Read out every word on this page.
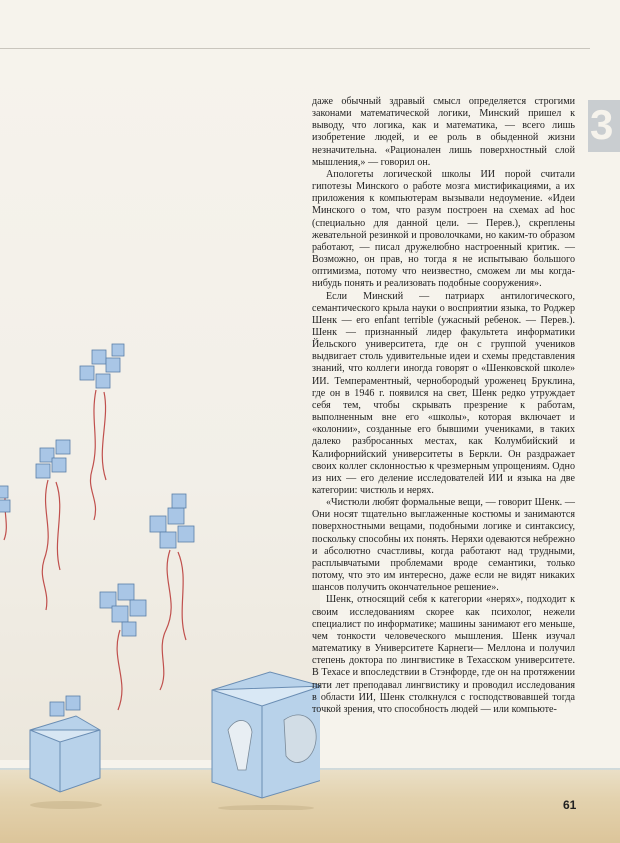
3

даже обычный здравый смысл определяется строгими законами математической логики, Минский пришел к выводу, что логика, как и математика, — всего лишь изобретение людей, и ее роль в обыденной жизни незначительна. «Рационален лишь поверхностный слой мышления,» — говорил он.

Апологеты логической школы ИИ порой считали гипотезы Минского о работе мозга мистификациями, а их приложения к компьютерам вызывали недоумение. «Идеи Минского о том, что разум построен на схемах ad hoc (специально для данной цели. — Перев.), скреплены жевательной резинкой и проволочками, но каким-то образом работают, — писал дружелюбно настроенный критик. — Возможно, он прав, но тогда я не испытываю большого оптимизма, потому что неизвестно, сможем ли мы когда-нибудь понять и реализовать подобные сооружения».

Если Минский — патриарх антилогического, семантического крыла науки о восприятии языка, то Роджер Шенк — его enfant terrible (ужасный ребенок. — Перев.). Шенк — признанный лидер факультета информатики Йельского университета, где он с группой учеников выдвигает столь удивительные идеи и схемы представления знаний, что коллеги иногда говорят о «Шенковской школе» ИИ. Темпераментный, чернобородый уроженец Бруклина, где он в 1946 г. появился на свет, Шенк редко утруждает себя тем, чтобы скрывать презрение к работам, выполненным вне его «школы», которая включает и «колонии», созданные его бывшими учениками, в таких далеко разбросанных местах, как Колумбийский и Калифорнийский университеты в Беркли. Он раздражает своих коллег склонностью к чрезмерным упрощениям. Одно из них — его деление исследователей ИИ и языка на две категории: чистюль и нерях.

«Чистюли любят формальные вещи, — говорит Шенк. — Они носят тщательно выглаженные костюмы и занимаются поверхностными вещами, подобными логике и синтаксису, поскольку способны их понять. Неряхи одеваются небрежно и абсолютно счастливы, когда работают над трудными, расплывчатыми проблемами вроде семантики, только потому, что это им интересно, даже если не видят никаких шансов получить окончательное решение».

Шенк, относящий себя к категории «нерях», подходит к своим исследованиям скорее как психолог, нежели специалист по информатике; машины занимают его меньше, чем тонкости человеческого мышления. Шенк изучал математику в Университете Карнеги— Меллона и получил степень доктора по лингвистике в Техасском университете. В Техасе и впоследствии в Стэнфорде, где он на протяжении пяти лет преподавал лингвистику и проводил исследования в области ИИ, Шенк столкнулся с господствовавшей тогда точкой зрения, что способность людей — или компьюте-

61
